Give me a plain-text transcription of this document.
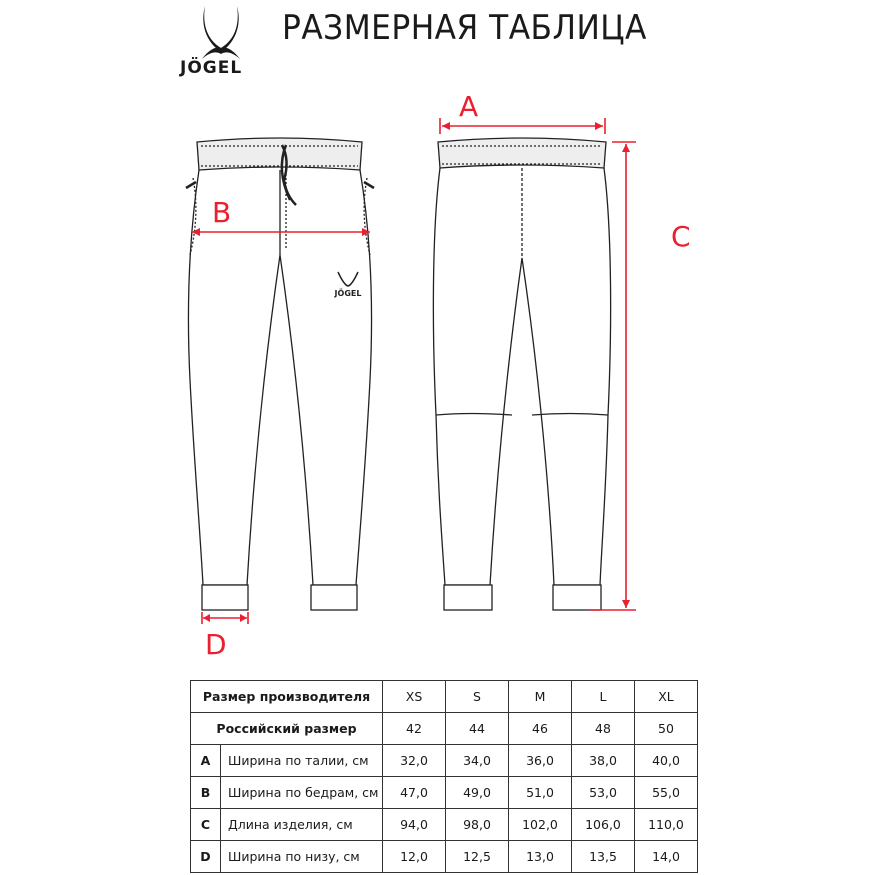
JÖGEL
РАЗМЕРНАЯ ТАБЛИЦА
JÖGEL
A
C
B
D
Размер производителя		XS	S	M	L	XL
Российский размер		42	44	46	48	50
A	Ширина по талии, см	32,0	34,0	36,0	38,0	40,0
B	Ширина по бедрам, см	47,0	49,0	51,0	53,0	55,0
C	Длина изделия, см	94,0	98,0	102,0	106,0	110,0
D	Ширина по низу, см	12,0	12,5	13,0	13,5	14,0
